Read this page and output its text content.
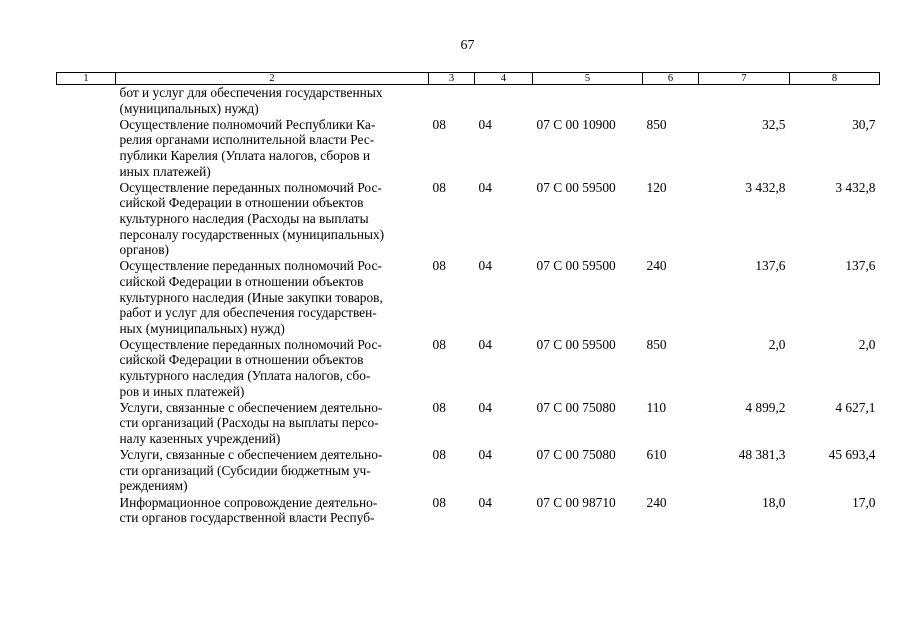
67
1	2	3	4	5	6	7	8

	бот и услуг для обеспечения государственных
(муниципальных) нужд)						

	Осуществление полномочий Республики Ка-
релия органами исполнительной власти Рес-
публики Карелия (Уплата налогов, сборов и
иных платежей)	08	04	07 С 00 10900	850	32,5	30,7

	Осуществление переданных полномочий Рос-
сийской Федерации в отношении объектов
культурного наследия (Расходы на выплаты
персоналу государственных (муниципальных)
органов)	08	04	07 С 00 59500	120	3 432,8	3 432,8

	Осуществление переданных полномочий Рос-
сийской Федерации в отношении объектов
культурного наследия (Иные закупки товаров,
работ и услуг для обеспечения государствен-
ных (муниципальных) нужд)	08	04	07 С 00 59500	240	137,6	137,6

	Осуществление переданных полномочий Рос-
сийской Федерации в отношении объектов
культурного наследия (Уплата налогов, сбо-
ров и иных платежей)	08	04	07 С 00 59500	850	2,0	2,0

	Услуги, связанные с обеспечением деятельно-
сти организаций (Расходы на выплаты персо-
налу казенных учреждений)	08	04	07 С 00 75080	110	4 899,2	4 627,1

	Услуги, связанные с обеспечением деятельно-
сти организаций (Субсидии бюджетным уч-
реждениям)	08	04	07 С 00 75080	610	48 381,3	45 693,4

	Информационное сопровождение деятельно-
сти органов государственной власти Респуб-	08	04	07 С 00 98710	240	18,0	17,0
